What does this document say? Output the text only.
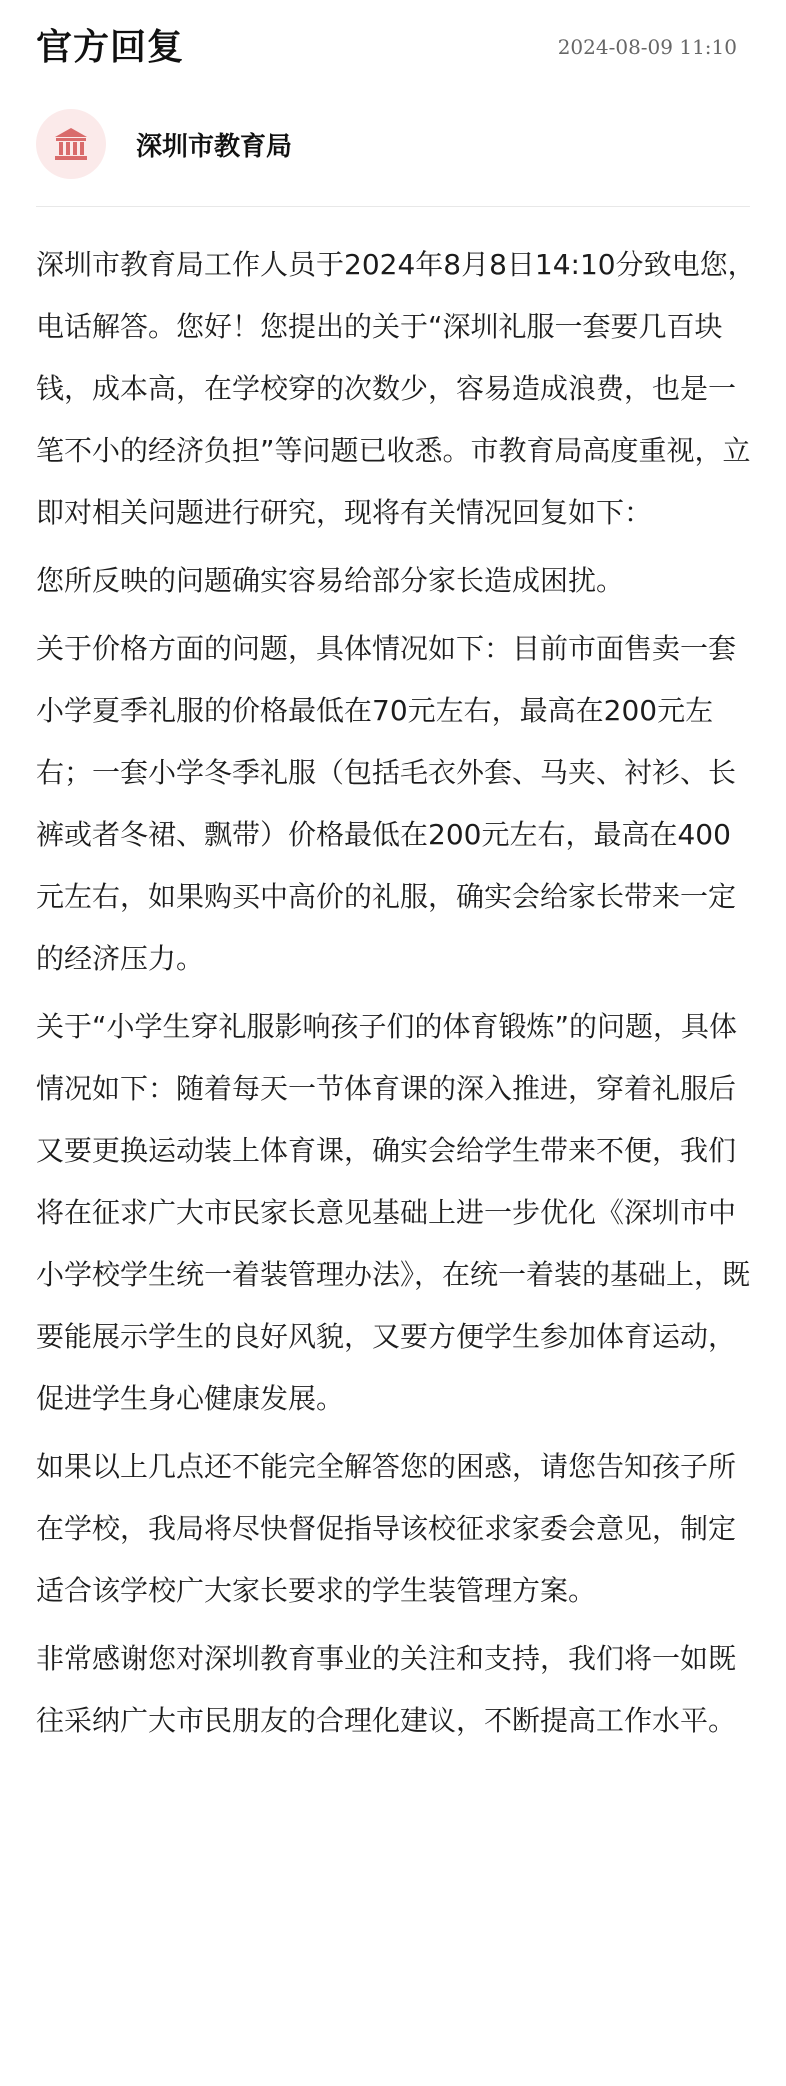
官方回复	2024-08-09 11:10
深圳市教育局

深圳市教育局工作人员于2024年8月8日14:10分致电您，电话解答。您好！您提出的关于“深圳礼服一套要几百块钱，成本高，在学校穿的次数少，容易造成浪费，也是一笔不小的经济负担”等问题已收悉。市教育局高度重视，立即对相关问题进行研究，现将有关情况回复如下：

您所反映的问题确实容易给部分家长造成困扰。

关于价格方面的问题，具体情况如下：目前市面售卖一套小学夏季礼服的价格最低在70元左右，最高在200元左右；一套小学冬季礼服（包括毛衣外套、马夹、衬衫、长裤或者冬裙、飘带）价格最低在200元左右，最高在400元左右，如果购买中高价的礼服，确实会给家长带来一定的经济压力。

关于“小学生穿礼服影响孩子们的体育锻炼”的问题，具体情况如下：随着每天一节体育课的深入推进，穿着礼服后又要更换运动装上体育课，确实会给学生带来不便，我们将在征求广大市民家长意见基础上进一步优化《深圳市中小学校学生统一着装管理办法》，在统一着装的基础上，既要能展示学生的良好风貌，又要方便学生参加体育运动，促进学生身心健康发展。

如果以上几点还不能完全解答您的困惑，请您告知孩子所在学校，我局将尽快督促指导该校征求家委会意见，制定适合该学校广大家长要求的学生装管理方案。

非常感谢您对深圳教育事业的关注和支持，我们将一如既往采纳广大市民朋友的合理化建议，不断提高工作水平。
